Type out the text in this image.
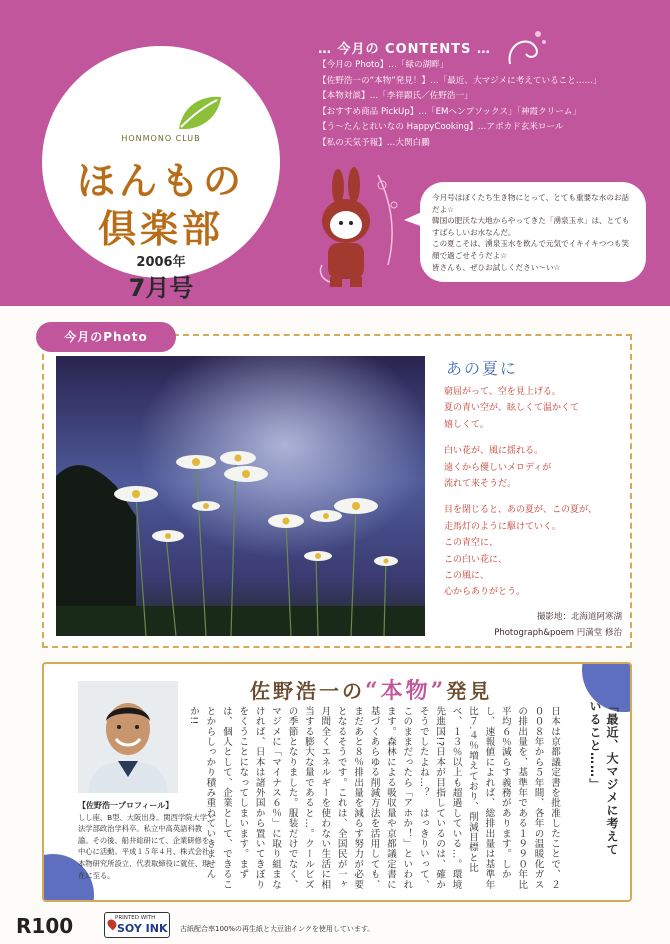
HONMONO CLUB
ほんもの
倶楽部
2006年
7月号
… 今月の CONTENTS …
【今月の Photo】…「緑の湖畔」
【佐野浩一の“本物”発見！】…「最近、大マジメに考えていること……」
【本物対談】…「李祥顕氏／佐野浩一」
【おすすめ商品 PickUp】…「EMヘンプソックス」「神霞クリーム」
【う～たんとれいなの HappyCooking】…アボカド玄米ロール
【私の天気予報】…大関白鵬

今月号はぼくたち生き物にとって、とても重要な水のお話だよ☆

韓国の肥沃な大地からやってきた「湧泉玉水」は、とてもすばらしいお水なんだ。

この夏こそは、湧泉玉水を飲んで元気でイキイキつつも笑顔で過ごせそうだよ☆

皆さんも、ぜひお試しください～い☆

今月のPhoto
あの夏に

窮屈がって、空を見上げる。

夏の青い空が、眩しくて温かくて

嬉しくて。

白い花が、風に揺れる。

遠くから優しいメロディが

流れて来そうだ。

目を閉じると、あの夏が、この夏が、

走馬灯のように駆けていく。

この青空に、

この白い花に、

この風に、

心からありがとう。

撮影地：北海道阿寒湖
Photograph&poem 円満堂 修治
佐野浩一の“本物”発見
【佐野浩一プロフィール】
しし座、B型、大阪出身。関西学院大学・法学部政治学科卒。私立中高英語科教諭。その後、船井総研にて、企業研修を中心に活動。平成１５年４月、株式会社本物研究所設立、代表取締役に就任、現在に至る。	日本は京都議定書を批准したことで、２００８年から５年間、各年の温暖化ガスの排出量を、基準年である１９９０年比平均６％減らす義務があります。しかし、速報値によれば、総排出量は基準年比７.４％増えており、削減目標と比べ、１３％以上も超過している…。環境先進国!?日本が目指しているのは、確かそうでしたよね…？　はっきりいって、このままだったら「アホか！」といわれます。森林による吸収量や京都議定書に基づくあらゆる削減方法を活用しても、まだあと８％排出量を減らす努力が必要となるそうです。これは、全国民が一ヶ月間全くエネルギーを使わない生活に相当する膨大な量であると…。クールビズの季節となりました。服装だけでなく、マジメに「マイナス６％」に取り組まなければ、日本は諸外国から置いてきぼりをくうことになってしまいます。まずは、個人として、企業として、できることからしっかり積み重ねていきませんか!!	「最近、大マジメに考えていること……」
R100	PRINTED WITH
SOY INK 古紙配合率100%の再生紙と大豆油インクを使用しています。
